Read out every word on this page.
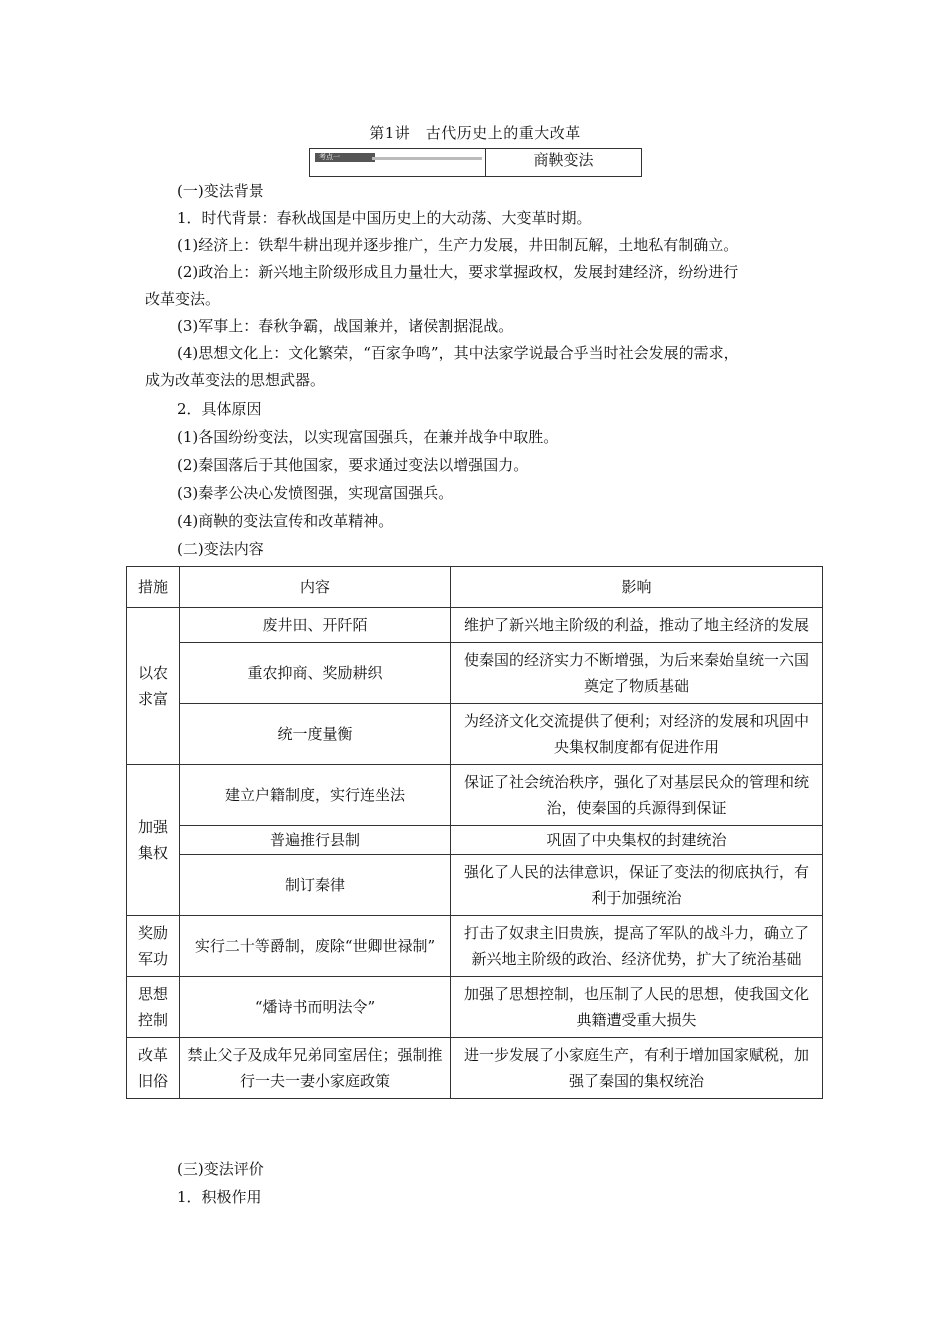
第1讲　古代历史上的重大改革
考点一	商鞅变法
(一)变法背景
1．时代背景：春秋战国是中国历史上的大动荡、大变革时期。
(1)经济上：铁犁牛耕出现并逐步推广，生产力发展，井田制瓦解，土地私有制确立。
(2)政治上：新兴地主阶级形成且力量壮大，要求掌握政权，发展封建经济，纷纷进行
改革变法。
(3)军事上：春秋争霸，战国兼并，诸侯割据混战。
(4)思想文化上：文化繁荣，“百家争鸣”，其中法家学说最合乎当时社会发展的需求，
成为改革变法的思想武器。
2．具体原因
(1)各国纷纷变法，以实现富国强兵，在兼并战争中取胜。
(2)秦国落后于其他国家，要求通过变法以增强国力。
(3)秦孝公决心发愤图强，实现富国强兵。
(4)商鞅的变法宣传和改革精神。
(二)变法内容
措施	内容	影响
以农求富	废井田、开阡陌	维护了新兴地主阶级的利益，推动了地主经济的发展
	重农抑商、奖励耕织	使秦国的经济实力不断增强，为后来秦始皇统一六国奠定了物质基础
	统一度量衡	为经济文化交流提供了便利；对经济的发展和巩固中央集权制度都有促进作用
加强集权	建立户籍制度，实行连坐法	保证了社会统治秩序，强化了对基层民众的管理和统治，使秦国的兵源得到保证
	普遍推行县制	巩固了中央集权的封建统治
	制订秦律	强化了人民的法律意识，保证了变法的彻底执行，有利于加强统治
奖励军功	实行二十等爵制，废除“世卿世禄制”	打击了奴隶主旧贵族，提高了军队的战斗力，确立了新兴地主阶级的政治、经济优势，扩大了统治基础
思想控制	“燔诗书而明法令”	加强了思想控制，也压制了人民的思想，使我国文化典籍遭受重大损失
改革旧俗	禁止父子及成年兄弟同室居住；强制推行一夫一妻小家庭政策	进一步发展了小家庭生产，有利于增加国家赋税，加强了秦国的集权统治
(三)变法评价
1．积极作用
